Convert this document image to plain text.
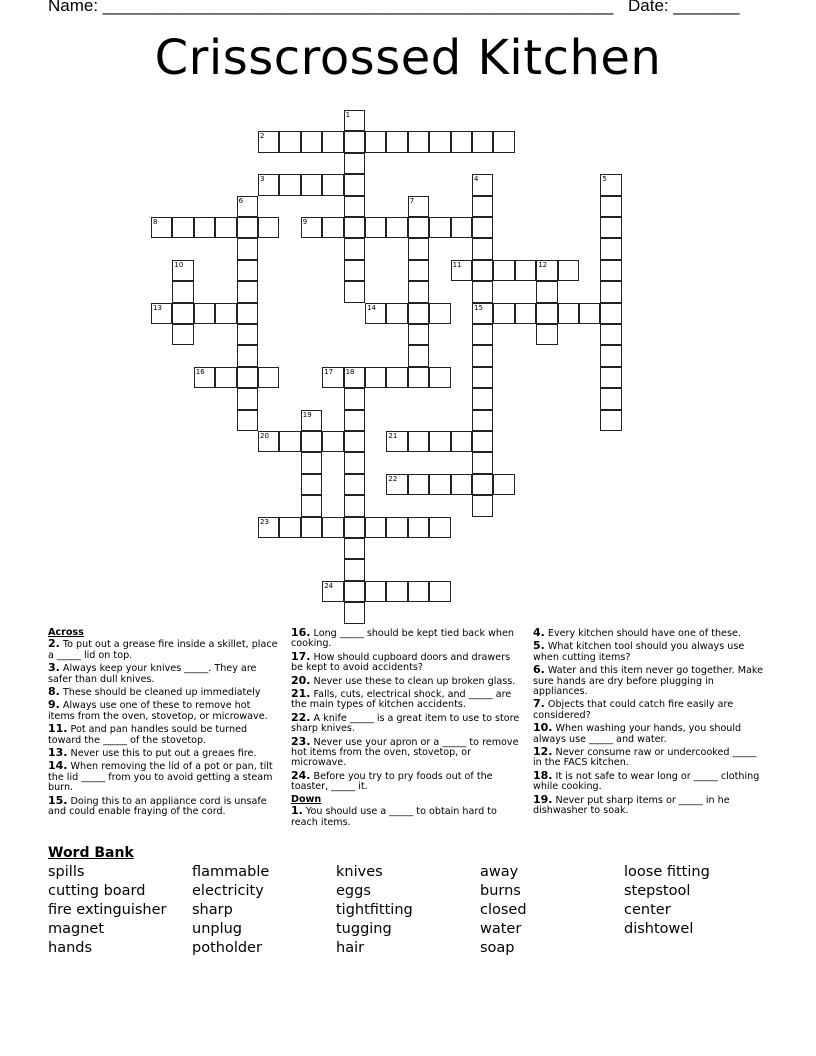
Name: ______________________________________________________ Date: _______
Crisscrossed Kitchen
1
2
3	4
15
5
6	7
8	9
10	11	12
13	14
16	17 18
19
20	21
22
23
24
Across
2. To put out a grease fire inside a skillet, place a _____ lid on top.
3. Always keep your knives _____. They are safer than dull knives.
8. These should be cleaned up immediately
9. Always use one of these to remove hot items from the oven, stovetop, or microwave.
11. Pot and pan handles sould be turned toward the _____ of the stovetop.
13. Never use this to put out a greaes fire.
14. When removing the lid of a pot or pan, tilt the lid _____ from you to avoid getting a steam burn.
15. Doing this to an appliance cord is unsafe and could enable fraying of the cord.
16. Long _____ should be kept tied back when cooking.
17. How should cupboard doors and drawers be kept to avoid accidents?
20. Never use these to clean up broken glass.
21. Falls, cuts, electrical shock, and _____ are the main types of kitchen accidents.
22. A knife _____ is a great item to use to store sharp knives.
23. Never use your apron or a _____ to remove hot items from the oven, stovetop, or microwave.
24. Before you try to pry foods out of the toaster, _____ it.
Down
1. You should use a _____ to obtain hard to reach items.
4. Every kitchen should have one of these.
5. What kitchen tool should you always use when cutting items?
6. Water and this item never go together. Make sure hands are dry before plugging in appliances.
7. Objects that could catch fire easily are considered?
10. When washing your hands, you should always use _____ and water.
12. Never consume raw or undercooked _____ in the FACS kitchen.
18. It is not safe to wear long or _____ clothing while cooking.
19. Never put sharp items or _____ in he dishwasher to soak.
Word Bank
spills
cutting board
fire extinguisher
magnet
hands
flammable
electricity
sharp
unplug
potholder
knives
eggs
tightfitting
tugging
hair
away
burns
closed
water
soap
loose fitting
stepstool
center
dishtowel
